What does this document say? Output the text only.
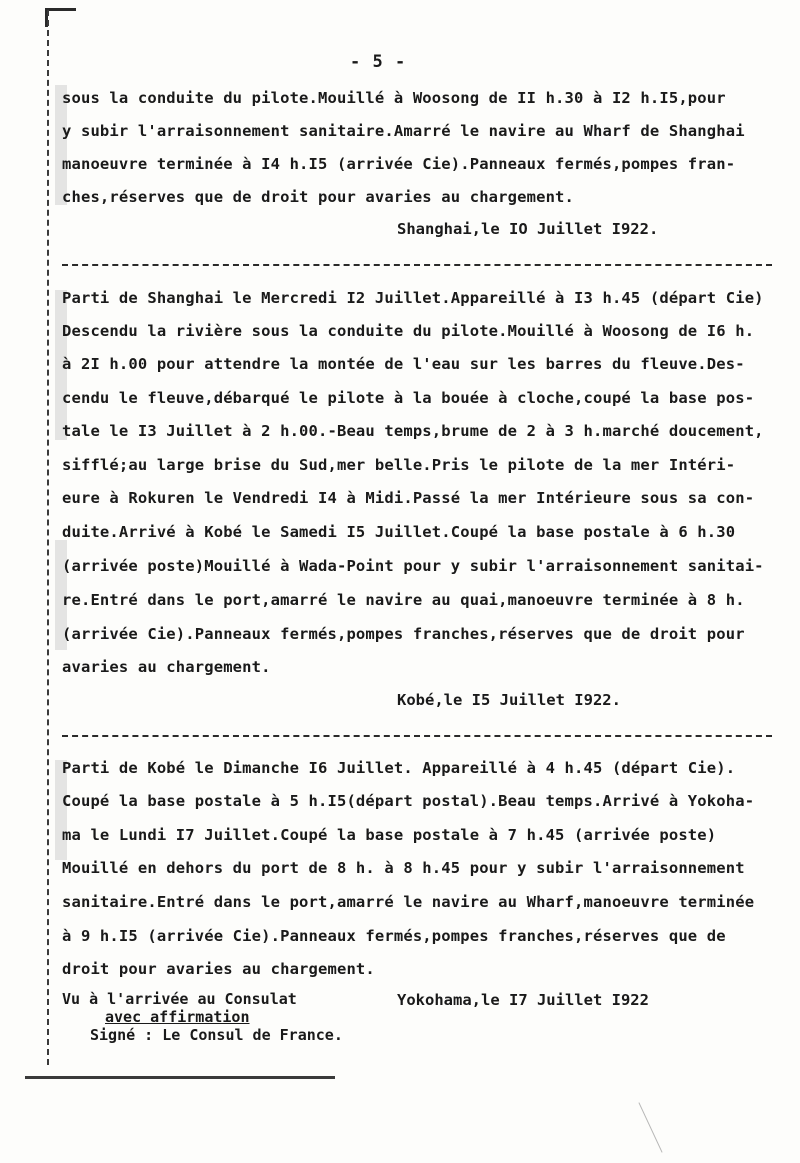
- 5 -
sous la conduite du pilote.Mouillé à Woosong de II h.30 à I2 h.I5,pour
y subir l'arraisonnement sanitaire.Amarré le navire au Wharf de Shanghai
manoeuvre terminée à I4 h.I5 (arrivée Cie).Panneaux fermés,pompes fran-
ches,réserves que de droit pour avaries au chargement.
Shanghai,le IO Juillet I922.
Parti de Shanghai le Mercredi I2 Juillet.Appareillé à I3 h.45 (départ Cie)
Descendu la rivière sous la conduite du pilote.Mouillé à Woosong de I6 h.
à 2I h.00 pour attendre la montée de l'eau sur les barres du fleuve.Des-
cendu le fleuve,débarqué le pilote à la bouée à cloche,coupé la base pos-
tale le I3 Juillet à 2 h.00.-Beau temps,brume de 2 à 3 h.marché doucement,
sifflé;au large brise du Sud,mer belle.Pris le pilote de la mer Intéri-
eure à Rokuren le Vendredi I4 à Midi.Passé la mer Intérieure sous sa con-
duite.Arrivé à Kobé le Samedi I5 Juillet.Coupé la base postale à 6 h.30
(arrivée poste)Mouillé à Wada-Point pour y subir l'arraisonnement sanitai-
re.Entré dans le port,amarré le navire au quai,manoeuvre terminée à 8 h.
(arrivée Cie).Panneaux fermés,pompes franches,réserves que de droit pour
avaries au chargement.
Kobé,le I5 Juillet I922.
Parti de Kobé le Dimanche I6 Juillet. Appareillé à 4 h.45 (départ Cie).
Coupé la base postale à 5 h.I5(départ postal).Beau temps.Arrivé à Yokoha-
ma le Lundi I7 Juillet.Coupé la base postale à 7 h.45 (arrivée poste)
Mouillé en dehors du port de 8 h. à 8 h.45 pour y subir l'arraisonnement
sanitaire.Entré dans le port,amarré le navire au Wharf,manoeuvre terminée
à 9 h.I5 (arrivée Cie).Panneaux fermés,pompes franches,réserves que de
droit pour avaries au chargement.
Vu à l'arrivée au Consulat	Yokohama,le I7 Juillet I922
avec affirmation
Signé : Le Consul de France.
